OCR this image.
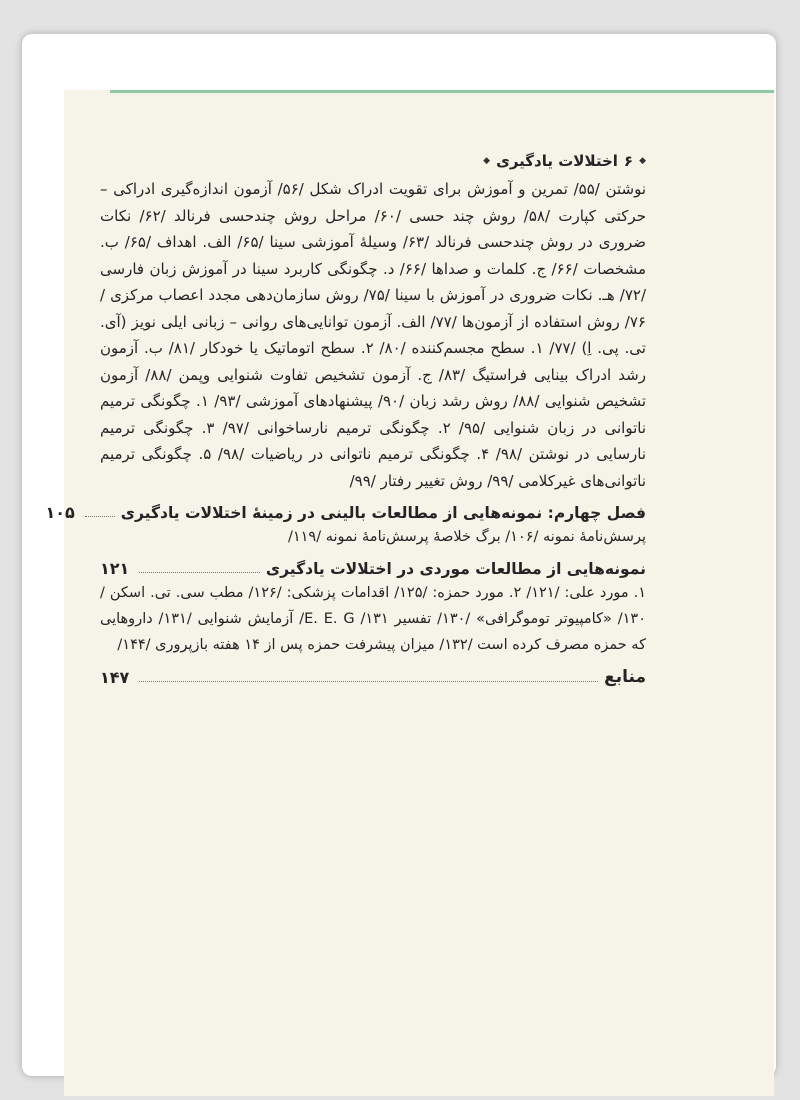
◆
۶
اختلالات یادگیری
◆
نوشتن /۵۵/ تمرین و آموزش برای تقویت ادراک شکل /۵۶/ آزمون اندازه‌گیری ادراکی – حرکتی کپارت /۵۸/ روش چند حسی /۶۰/ مراحل روش چندحسی فرنالد /۶۲/ نکات ضروری در روش چندحسی فرنالد /۶۳/ وسیلهٔ آموزشی سینا /۶۵/ الف. اهداف /۶۵/ ب. مشخصات /۶۶/ ج. کلمات و صداها /۶۶/ د. چگونگی کاربرد سینا در آموزش زبان فارسی /۷۲/ هـ. نکات ضروری در آموزش با سینا /۷۵/ روش سازمان‌دهی مجدد اعصاب مرکزی /۷۶/ روش استفاده از آزمون‌ها /۷۷/ الف. آزمون توانایی‌های روانی – زبانی ایلی نویز (آی. تی. پی. اِ) /۷۷/ ۱. سطح مجسم‌کننده /۸۰/ ۲. سطح اتوماتیک یا خودکار /۸۱/ ب. آزمون رشد ادراک بینایی فراستیگ /۸۳/ ج. آزمون تشخیص تفاوت شنوایی وپمن /۸۸/ آزمون تشخیص شنوایی /۸۸/ روش رشد زبان /۹۰/ پیشنهادهای آموزشی /۹۳/ ۱. چگونگی ترمیم ناتوانی در زبان شنوایی /۹۵/ ۲. چگونگی ترمیم نارساخوانی /۹۷/ ۳. چگونگی ترمیم نارسایی در نوشتن /۹۸/ ۴. چگونگی ترمیم ناتوانی در ریاضیات /۹۸/ ۵. چگونگی ترمیم ناتوانی‌های غیرکلامی /۹۹/ روش تغییر رفتار /۹۹/
فصل چهارم: نمونه‌هایی از مطالعات بالینی در زمینهٔ اختلالات یادگیری
۱۰۵
پرسش‌نامهٔ نمونه /۱۰۶/ برگ خلاصهٔ پرسش‌نامهٔ نمونه /۱۱۹/
نمونه‌هایی از مطالعات موردی در اختلالات یادگیری
۱۲۱
۱. مورد علی: /۱۲۱/ ۲. مورد حمزه: /۱۲۵/ اقدامات پزشکی: /۱۲۶/ مطب سی. تی. اسکن /۱۳۰/ «کامپیوتر توموگرافی» /۱۳۰/ تفسیر E. E. G /۱۳۱/ آزمایش شنوایی /۱۳۱/ داروهایی که حمزه مصرف کرده است /۱۳۲/ میزان پیشرفت حمزه پس از ۱۴ هفته بازپروری /۱۴۴/
منابع
۱۴۷
